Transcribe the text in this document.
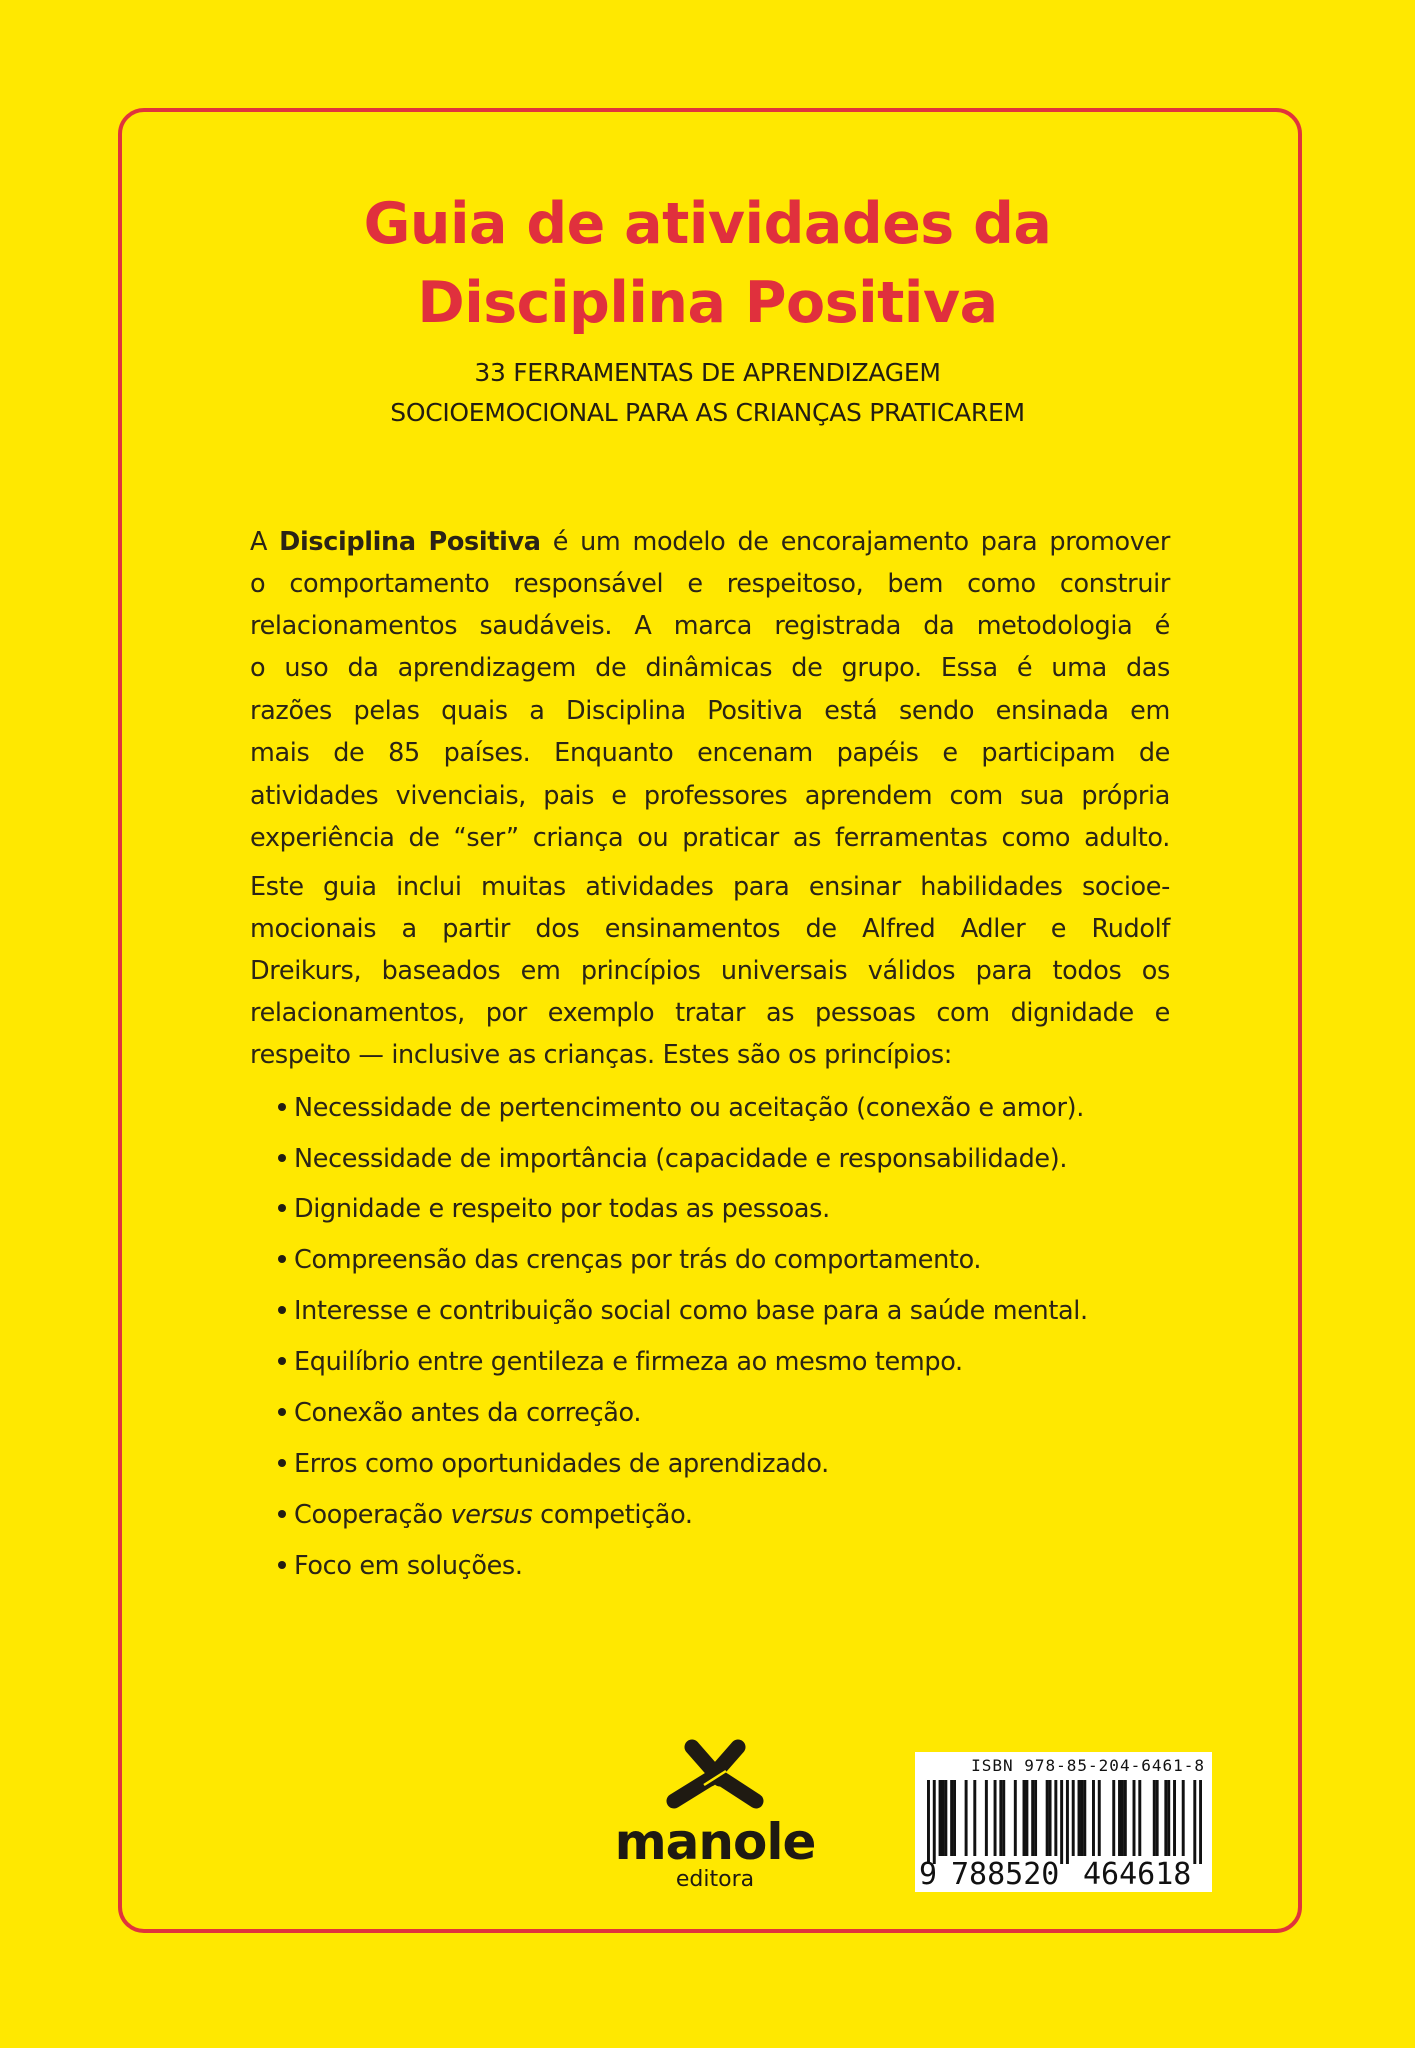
Guia de atividades da
Disciplina Positiva
33 FERRAMENTAS DE APRENDIZAGEM
SOCIOEMOCIONAL PARA AS CRIANÇAS PRATICAREM
A Disciplina Positiva é um modelo de encorajamento para promover
o comportamento responsável e respeitoso, bem como construir
relacionamentos saudáveis. A marca registrada da metodologia é
o uso da aprendizagem de dinâmicas de grupo. Essa é uma das
razões pelas quais a Disciplina Positiva está sendo ensinada em
mais de 85 países. Enquanto encenam papéis e participam de
atividades vivenciais, pais e professores aprendem com sua própria
experiência de “ser” criança ou praticar as ferramentas como adulto.
Este guia inclui muitas atividades para ensinar habilidades socioe-
mocionais a partir dos ensinamentos de Alfred Adler e Rudolf
Dreikurs, baseados em princípios universais válidos para todos os
relacionamentos, por exemplo tratar as pessoas com dignidade e
respeito — inclusive as crianças. Estes são os princípios:
Necessidade de pertencimento ou aceitação (conexão e amor).
Necessidade de importância (capacidade e responsabilidade).
Dignidade e respeito por todas as pessoas.
Compreensão das crenças por trás do comportamento.
Interesse e contribuição social como base para a saúde mental.
Equilíbrio entre gentileza e firmeza ao mesmo tempo.
Conexão antes da correção.
Erros como oportunidades de aprendizado.
Cooperação versus competição.
Foco em soluções.
manole
editora
ISBN 978-85-204-6461-8
9 788520 464618
